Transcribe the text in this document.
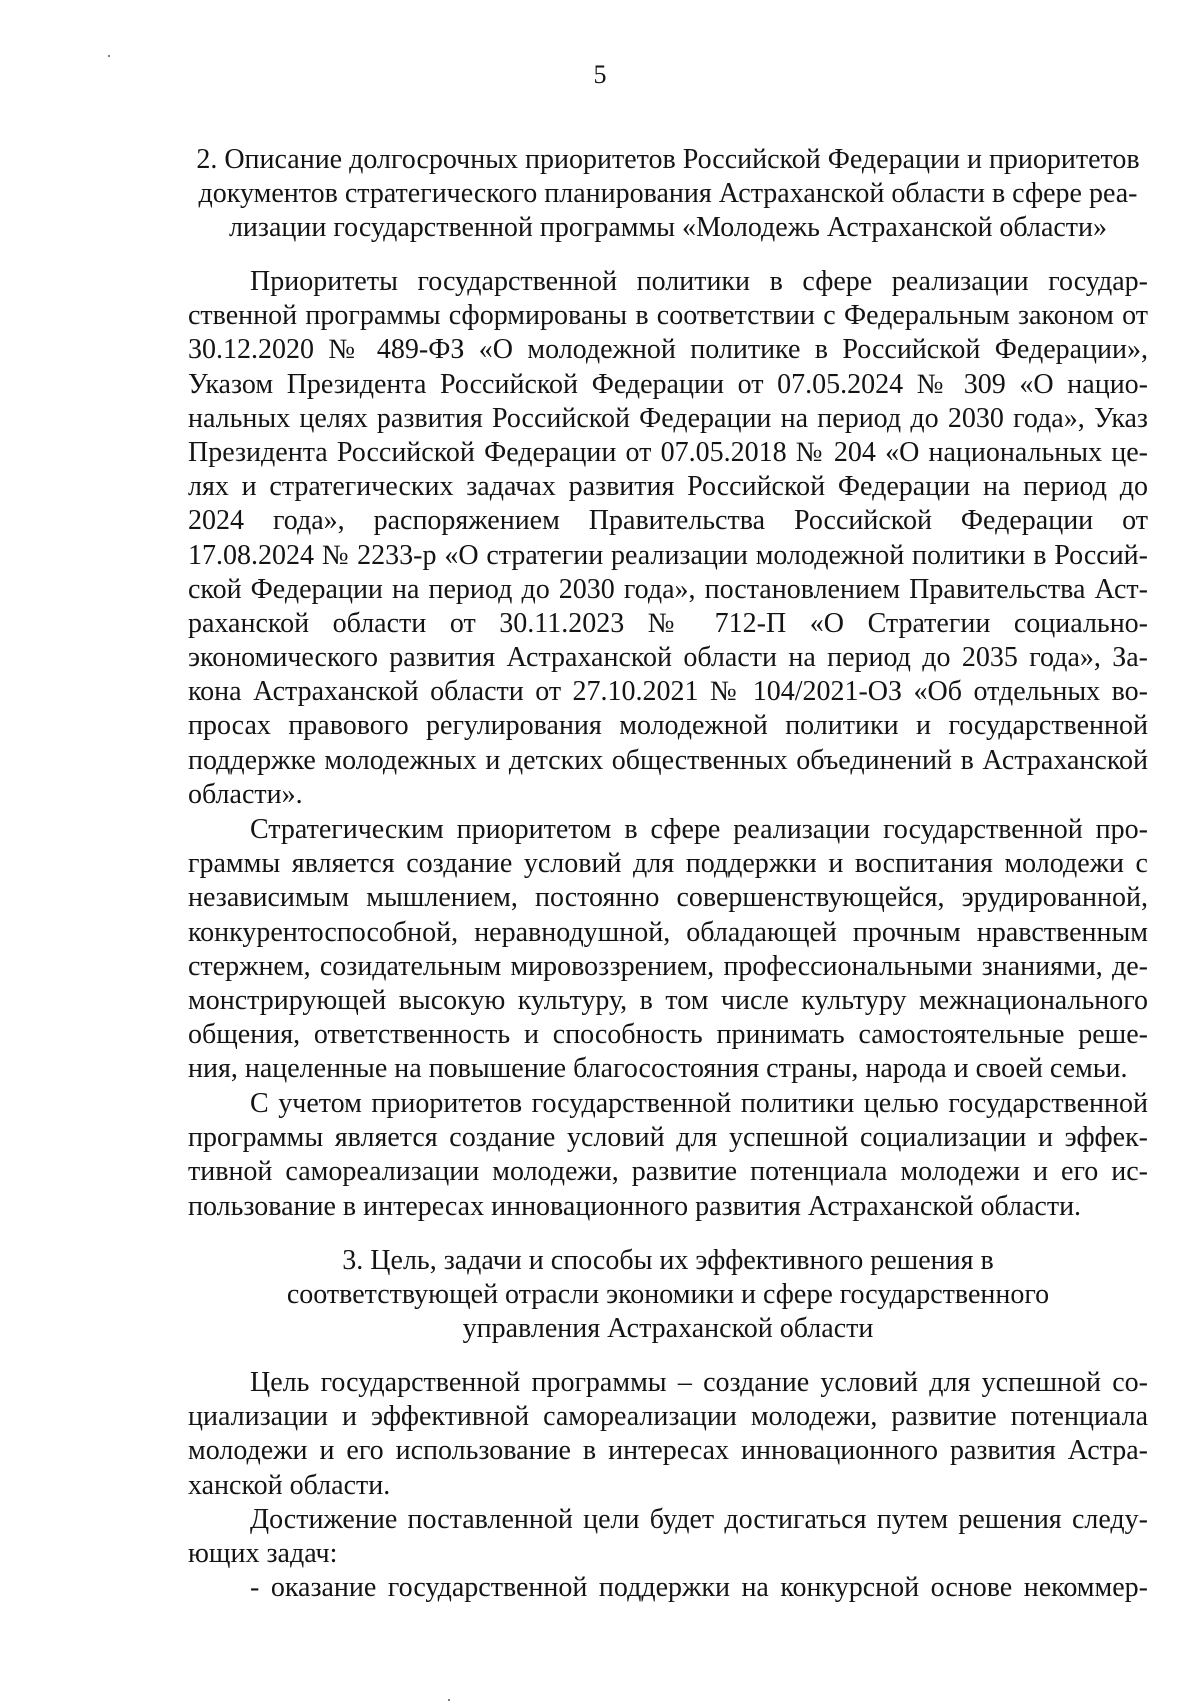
5
2. Описание долгосрочных приоритетов Российской Федерации и приоритетов
документов стратегического планирования Астраханской области в сфере реа-
лизации государственной программы «Молодежь Астраханской области»
Приоритеты государственной политики в сфере реализации государ-
ственной программы сформированы в соответствии с Федеральным законом от
30.12.2020 № 489-ФЗ «О молодежной политике в Российской Федерации»,
Указом Президента Российской Федерации от 07.05.2024 № 309 «О нацио-
нальных целях развития Российской Федерации на период до 2030 года», Указ
Президента Российской Федерации от 07.05.2018 № 204 «О национальных це-
лях и стратегических задачах развития Российской Федерации на период до
2024 года», распоряжением Правительства Российской Федерации от
17.08.2024 № 2233-р «О стратегии реализации молодежной политики в Россий-
ской Федерации на период до 2030 года», постановлением Правительства Аст-
раханской области от 30.11.2023 № 712-П «О Стратегии социально-
экономического развития Астраханской области на период до 2035 года», За-
кона Астраханской области от 27.10.2021 № 104/2021-ОЗ «Об отдельных во-
просах правового регулирования молодежной политики и государственной
поддержке молодежных и детских общественных объединений в Астраханской
области».
Стратегическим приоритетом в сфере реализации государственной про-
граммы является создание условий для поддержки и воспитания молодежи с
независимым мышлением, постоянно совершенствующейся, эрудированной,
конкурентоспособной, неравнодушной, обладающей прочным нравственным
стержнем, созидательным мировоззрением, профессиональными знаниями, де-
монстрирующей высокую культуру, в том числе культуру межнационального
общения, ответственность и способность принимать самостоятельные реше-
ния, нацеленные на повышение благосостояния страны, народа и своей семьи.
С учетом приоритетов государственной политики целью государственной
программы является создание условий для успешной социализации и эффек-
тивной самореализации молодежи, развитие потенциала молодежи и его ис-
пользование в интересах инновационного развития Астраханской области.
3. Цель, задачи и способы их эффективного решения в
соответствующей отрасли экономики и сфере государственного
управления Астраханской области
Цель государственной программы – создание условий для успешной со-
циализации и эффективной самореализации молодежи, развитие потенциала
молодежи и его использование в интересах инновационного развития Астра-
ханской области.
Достижение поставленной цели будет достигаться путем решения следу-
ющих задач:
- оказание государственной поддержки на конкурсной основе некоммер-
